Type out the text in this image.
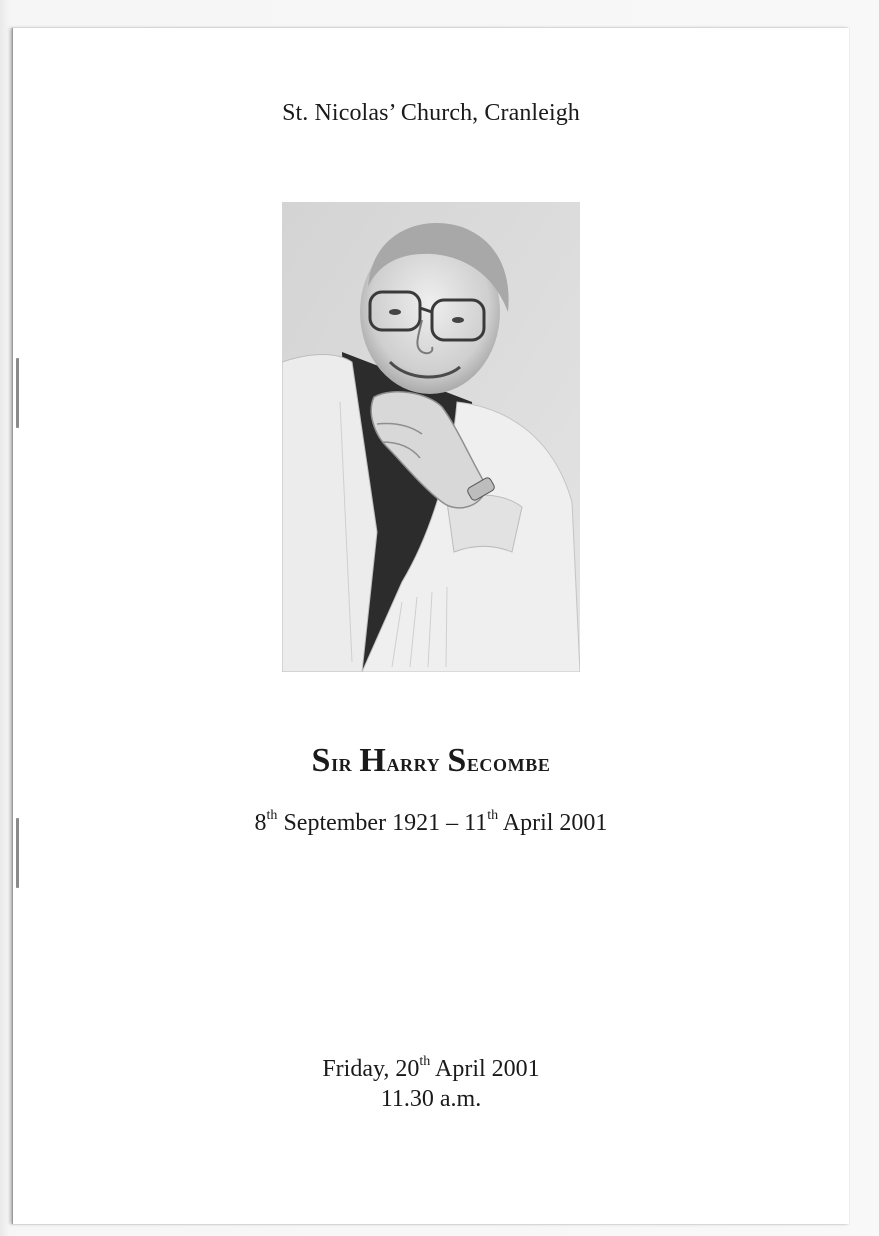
St. Nicolas’ Church, Cranleigh
Sir Harry Secombe
8th September 1921 – 11th April 2001
Friday, 20th April 2001
11.30 a.m.
